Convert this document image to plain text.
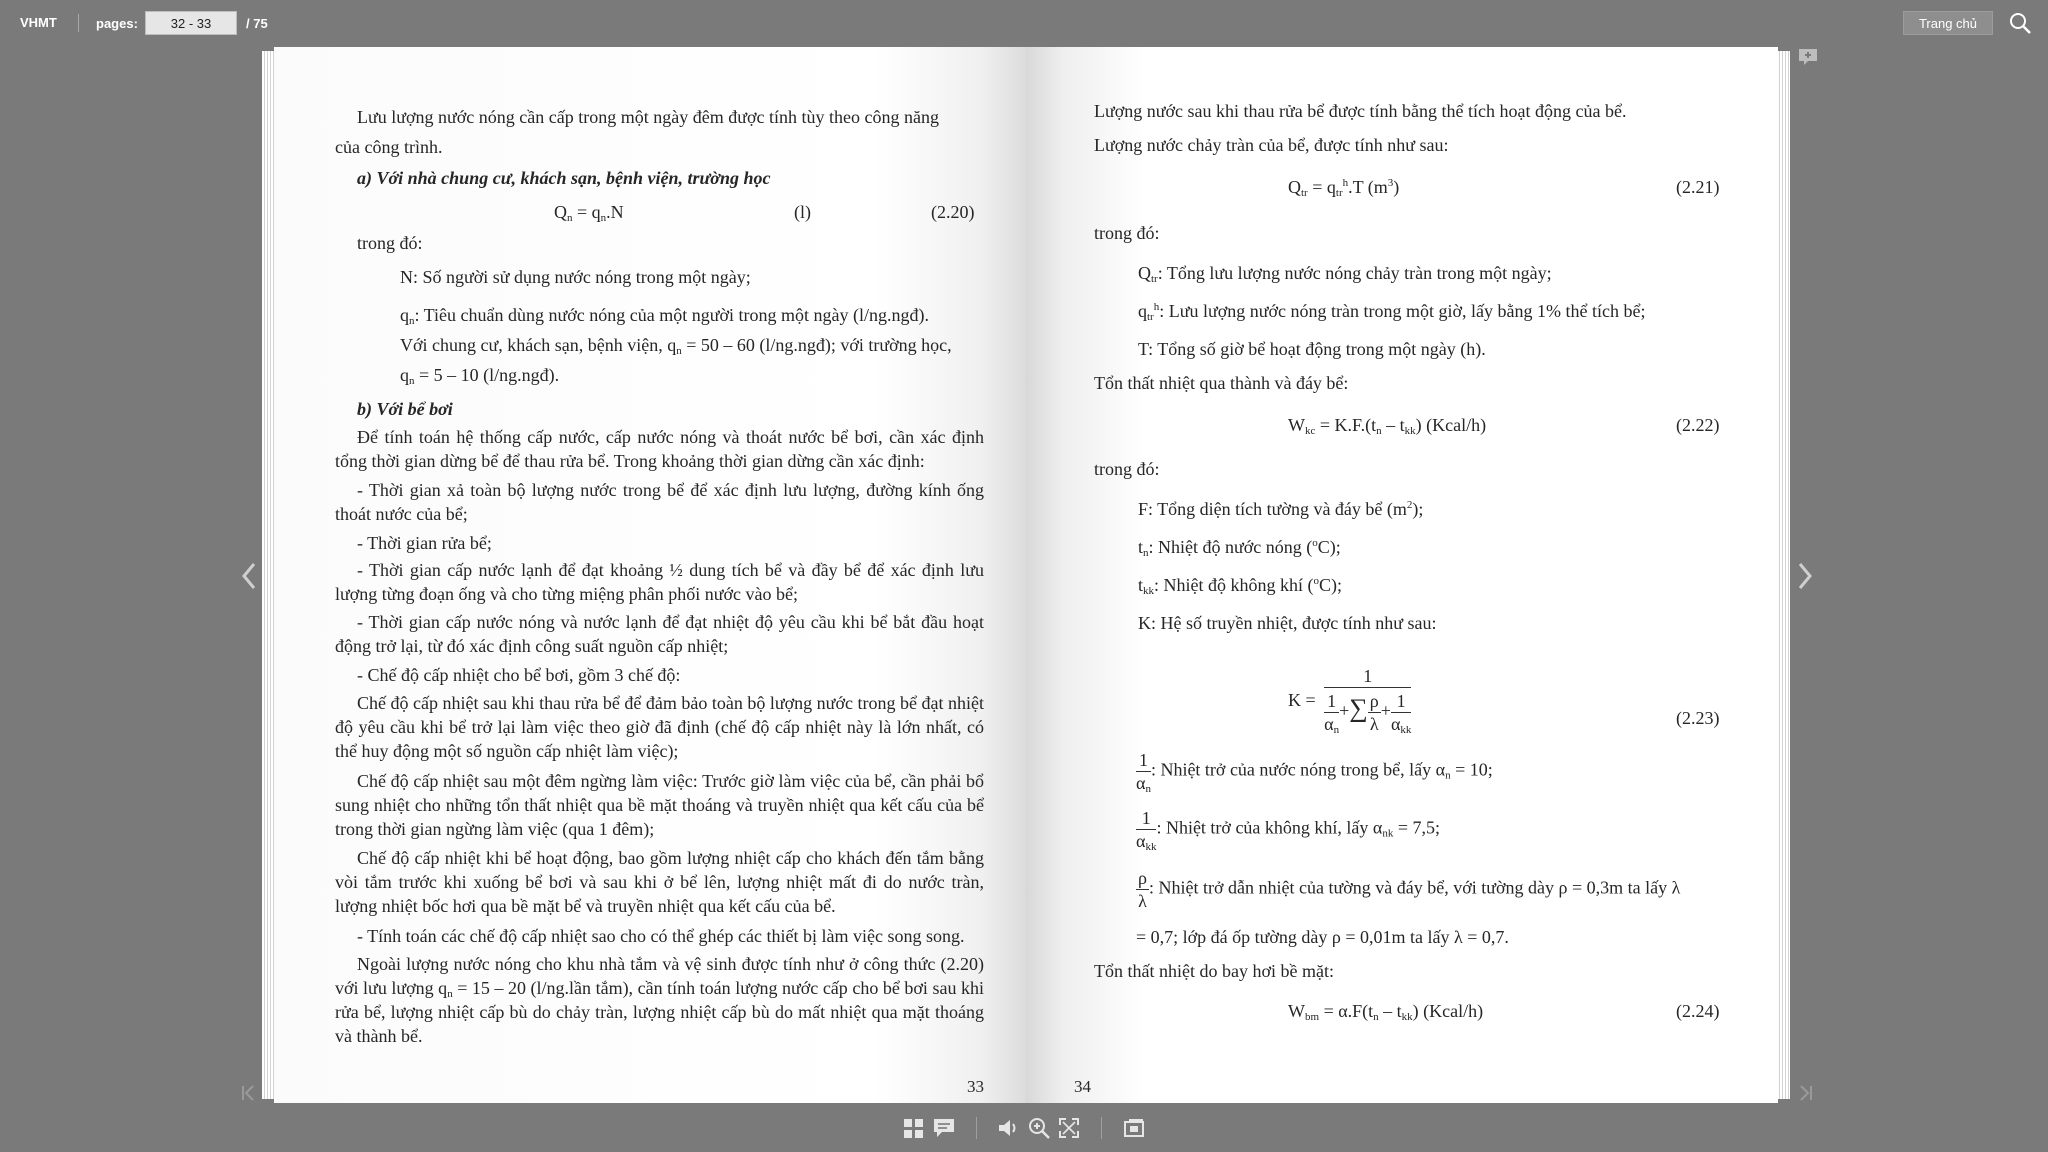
VHMT	pages:
32 - 33	/ 75	Trang chủ
Lưu lượng nước nóng cần cấp trong một ngày đêm được tính tùy theo công năng
của công trình.
a) Với nhà chung cư, khách sạn, bệnh viện, trường học
$Q_n = q_n.N$	(l)	(2.20)
trong đó:
N: Số người sử dụng nước nóng trong một ngày;
$q_n$: Tiêu chuẩn dùng nước nóng của một người trong một ngày (l/ng.ngđ).
Với chung cư, khách sạn, bệnh viện, $q_n = 50 - 60$ (l/ng.ngđ); với trường học,
$q_n = 5 - 10$ (l/ng.ngđ).
b) Với bể bơi
Để tính toán hệ thống cấp nước, cấp nước nóng và thoát nước bể bơi, cần xác định tổng thời gian dừng bể để thau rửa bể. Trong khoảng thời gian dừng cần xác định:
- Thời gian xả toàn bộ lượng nước trong bể để xác định lưu lượng, đường kính ống thoát nước của bể;
- Thời gian rửa bể;
- Thời gian cấp nước lạnh để đạt khoảng ½ dung tích bể và đầy bể để xác định lưu lượng từng đoạn ống và cho từng miệng phân phối nước vào bể;
- Thời gian cấp nước nóng và nước lạnh để đạt nhiệt độ yêu cầu khi bể bắt đầu hoạt động trở lại, từ đó xác định công suất nguồn cấp nhiệt;
- Chế độ cấp nhiệt cho bể bơi, gồm 3 chế độ:
Chế độ cấp nhiệt sau khi thau rửa bể để đảm bảo toàn bộ lượng nước trong bể đạt nhiệt độ yêu cầu khi bể trở lại làm việc theo giờ đã định (chế độ cấp nhiệt này là lớn nhất, có thể huy động một số nguồn cấp nhiệt làm việc);
Chế độ cấp nhiệt sau một đêm ngừng làm việc: Trước giờ làm việc của bể, cần phải bổ sung nhiệt cho những tổn thất nhiệt qua bề mặt thoáng và truyền nhiệt qua kết cấu của bể trong thời gian ngừng làm việc (qua 1 đêm);
Chế độ cấp nhiệt khi bể hoạt động, bao gồm lượng nhiệt cấp cho khách đến tắm bằng vòi tắm trước khi xuống bể bơi và sau khi ở bể lên, lượng nhiệt mất đi do nước tràn, lượng nhiệt bốc hơi qua bề mặt bể và truyền nhiệt qua kết cấu của bể.
- Tính toán các chế độ cấp nhiệt sao cho có thể ghép các thiết bị làm việc song song.
Ngoài lượng nước nóng cho khu nhà tắm và vệ sinh được tính như ở công thức (2.20) với lưu lượng $q_n = 15 - 20$ (l/ng.lần tắm), cần tính toán lượng nước cấp cho bể bơi sau khi rửa bể, lượng nhiệt cấp bù do chảy tràn, lượng nhiệt cấp bù do mất nhiệt qua mặt thoáng và thành bể.
33
Lượng nước sau khi thau rửa bể được tính bằng thể tích hoạt động của bể.
Lượng nước chảy tràn của bể, được tính như sau:
$Q_{tr} = q_{tr}^h.T$ $(m^3)$	(2.21)
trong đó:
$Q_{tr}$: Tổng lưu lượng nước nóng chảy tràn trong một ngày;
$q_{tr}^h$: Lưu lượng nước nóng tràn trong một giờ, lấy bằng 1% thể tích bể;
T: Tổng số giờ bể hoạt động trong một ngày (h).
Tổn thất nhiệt qua thành và đáy bể:
$W_{kc} = K.F.(t_n - t_{kk})$ (Kcal/h)	(2.22)
trong đó:
F: Tổng diện tích tường và đáy bể $(m^2)$;
$t_n$: Nhiệt độ nước nóng ($^o$C);
$t_{kk}$: Nhiệt độ không khí ($^o$C);
K: Hệ số truyền nhiệt, được tính như sau:
$K = \frac{1}{\frac{1}{\alpha_n} +\sum \frac{\rho}{\lambda} + \frac{1}{\alpha_{kk}}}$	(2.23)
$\frac{1}{\alpha_n}$ : Nhiệt trở của nước nóng trong bể, lấy $\alpha_n = 10$;
$\frac{1}{\alpha_{kk}}$ : Nhiệt trở của không khí, lấy $\alpha_{nk} = 7,5$;
$\frac{\rho}{\lambda}$ : Nhiệt trở dẫn nhiệt của tường và đáy bể, với tường dày ρ = 0,3m ta lấy λ
= 0,7; lớp đá ốp tường dày ρ = 0,01m ta lấy λ = 0,7.
Tổn thất nhiệt do bay hơi bề mặt:
$W_{bm} = \alpha.F(t_n - t_{kk})$ (Kcal/h)	(2.24)
34
